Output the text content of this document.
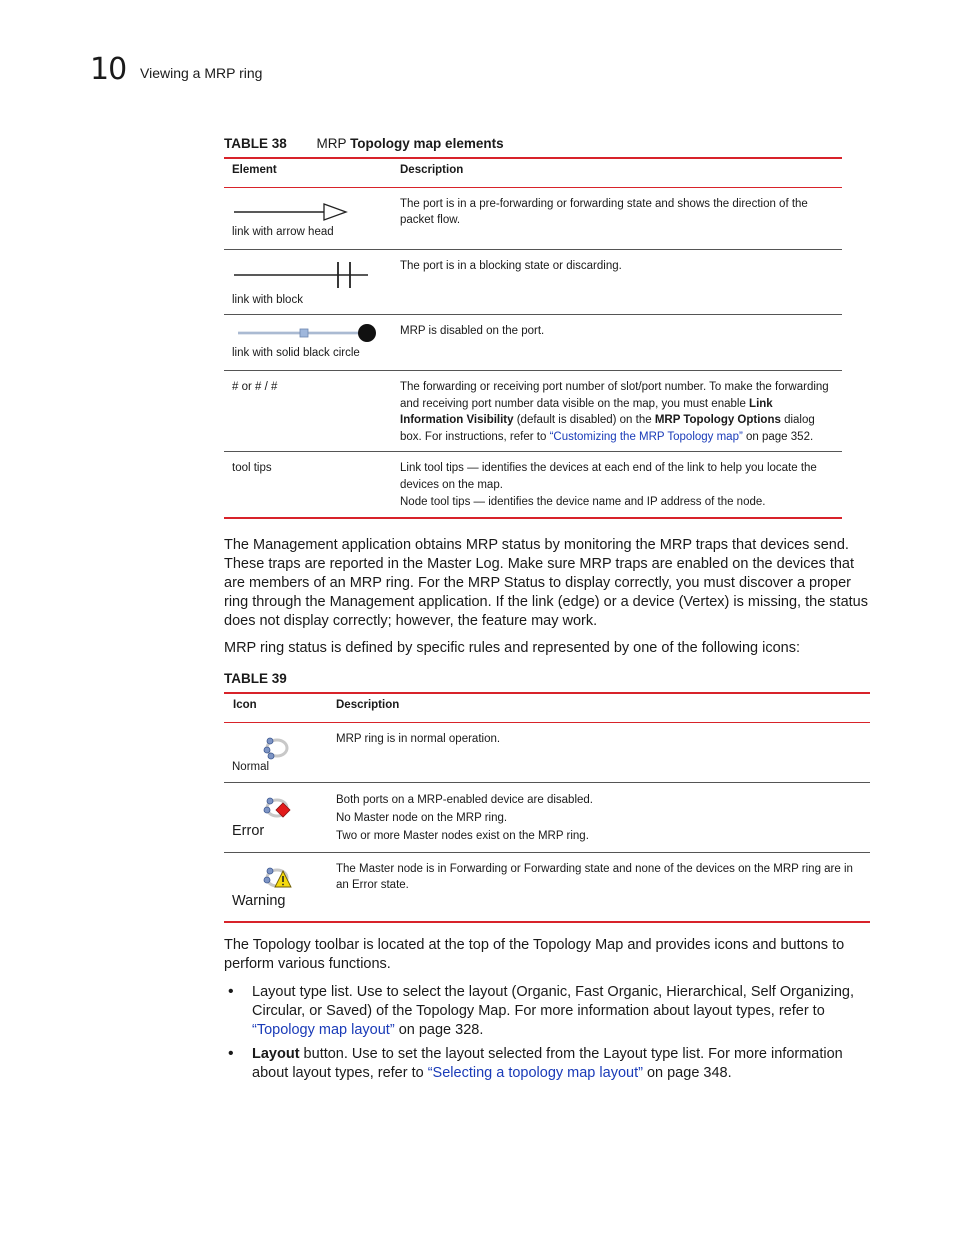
10 Viewing a MRP ring
TABLE 38 MRP Topology map elements
Element	Description

link with arrow head	The port is in a pre-forwarding or forwarding state and shows the direction of the packet flow.

link with block	The port is in a blocking state or discarding.

link with solid black circle	MRP is disabled on the port.
# or # / #	The forwarding or receiving port number of slot/port number. To make the forwarding and receiving port number data visible on the map, you must enable Link Information Visibility (default is disabled) on the MRP Topology Options dialog box. For instructions, refer to “Customizing the MRP Topology map” on page 352.
tool tips	Link tool tips — identifies the devices at each end of the link to help you locate the devices on the map.
Node tool tips — identifies the device name and IP address of the node.
The Management application obtains MRP status by monitoring the MRP traps that devices send. These traps are reported in the Master Log. Make sure MRP traps are enabled on the devices that are members of an MRP ring. For the MRP Status to display correctly, you must discover a proper ring through the Management application. If the link (edge) or a device (Vertex) is missing, the status does not display correctly; however, the feature may work.
MRP ring status is defined by specific rules and represented by one of the following icons:
TABLE 39
Icon	Description

Normal	MRP ring is in normal operation.

Error	Both ports on a MRP-enabled device are disabled.
No Master node on the MRP ring.
Two or more Master nodes exist on the MRP ring.

Warning	The Master node is in Forwarding or Forwarding state and none of the devices on the MRP ring are in an Error state.
The Topology toolbar is located at the top of the Topology Map and provides icons and buttons to perform various functions.
• Layout type list. Use to select the layout (Organic, Fast Organic, Hierarchical, Self Organizing, Circular, or Saved) of the Topology Map. For more information about layout types, refer to “Topology map layout” on page 328.
• Layout button. Use to set the layout selected from the Layout type list. For more information about layout types, refer to “Selecting a topology map layout” on page 348.
